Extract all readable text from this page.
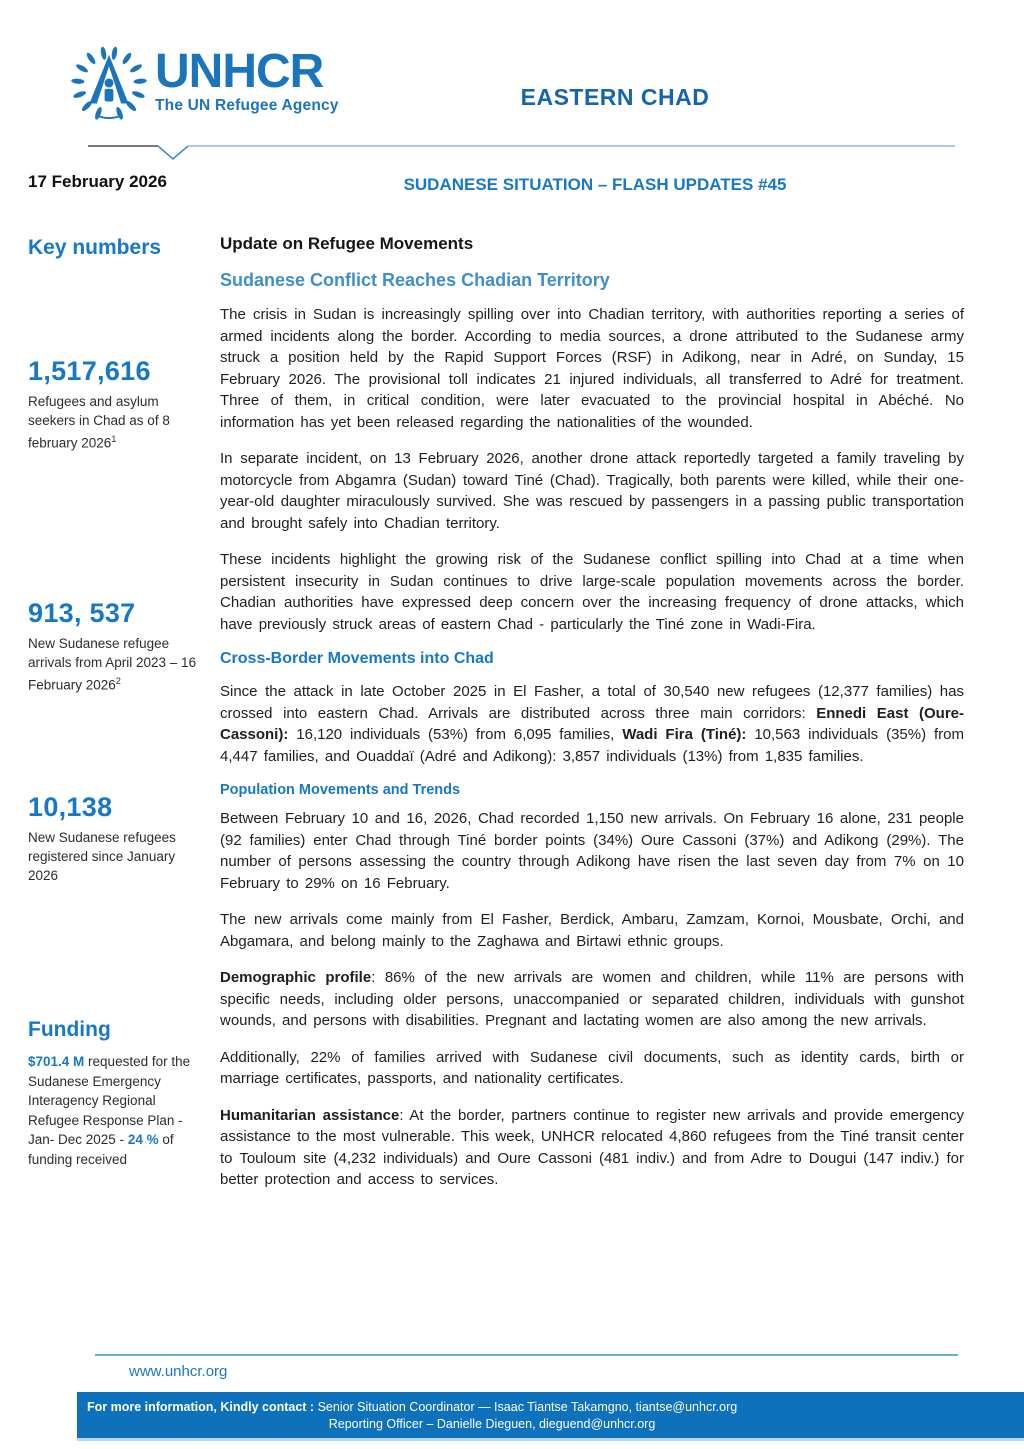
UNHCR
The UN Refugee Agency	EASTERN CHAD
17 February 2026	SUDANESE SITUATION – FLASH UPDATES #45
Key numbers
1,517,616
Refugees and asylum seekers in Chad as of 8 february 2026$^1$
913, 537
New Sudanese refugee arrivals from April 2023 – 16 February 2026$^2$
10,138
New Sudanese refugees registered since January 2026
Funding
$701.4 M requested for the Sudanese Emergency Interagency Regional Refugee Response Plan - Jan- Dec 2025 - 24 % of funding received
Update on Refugee Movements
Sudanese Conflict Reaches Chadian Territory

The crisis in Sudan is increasingly spilling over into Chadian territory, with authorities reporting a series of armed incidents along the border. According to media sources, a drone attributed to the Sudanese army struck a position held by the Rapid Support Forces (RSF) in Adikong, near in Adré, on Sunday, 15 February 2026. The provisional toll indicates 21 injured individuals, all transferred to Adré for treatment. Three of them, in critical condition, were later evacuated to the provincial hospital in Abéché. No information has yet been released regarding the nationalities of the wounded.

In separate incident, on 13 February 2026, another drone attack reportedly targeted a family traveling by motorcycle from Abgamra (Sudan) toward Tiné (Chad). Tragically, both parents were killed, while their one-year-old daughter miraculously survived. She was rescued by passengers in a passing public transportation and brought safely into Chadian territory.

These incidents highlight the growing risk of the Sudanese conflict spilling into Chad at a time when persistent insecurity in Sudan continues to drive large-scale population movements across the border. Chadian authorities have expressed deep concern over the increasing frequency of drone attacks, which have previously struck areas of eastern Chad - particularly the Tiné zone in Wadi-Fira.

Cross-Border Movements into Chad

Since the attack in late October 2025 in El Fasher, a total of 30,540 new refugees (12,377 families) has crossed into eastern Chad. Arrivals are distributed across three main corridors: Ennedi East (Oure-Cassoni): 16,120 individuals (53%) from 6,095 families, Wadi Fira (Tiné): 10,563 individuals (35%) from 4,447 families, and Ouaddaï (Adré and Adikong): 3,857 individuals (13%) from 1,835 families.

Population Movements and Trends

Between February 10 and 16, 2026, Chad recorded 1,150 new arrivals. On February 16 alone, 231 people (92 families) enter Chad through Tiné border points (34%) Oure Cassoni (37%) and Adikong (29%). The number of persons assessing the country through Adikong have risen the last seven day from 7% on 10 February to 29% on 16 February.

The new arrivals come mainly from El Fasher, Berdick, Ambaru, Zamzam, Kornoi, Mousbate, Orchi, and Abgamara, and belong mainly to the Zaghawa and Birtawi ethnic groups.

Demographic profile: 86% of the new arrivals are women and children, while 11% are persons with specific needs, including older persons, unaccompanied or separated children, individuals with gunshot wounds, and persons with disabilities. Pregnant and lactating women are also among the new arrivals.

Additionally, 22% of families arrived with Sudanese civil documents, such as identity cards, birth or marriage certificates, passports, and nationality certificates.

Humanitarian assistance: At the border, partners continue to register new arrivals and provide emergency assistance to the most vulnerable. This week, UNHCR relocated 4,860 refugees from the Tiné transit center to Touloum site (4,232 individuals) and Oure Cassoni (481 indiv.) and from Adre to Dougui (147 indiv.) for better protection and access to services.

www.unhcr.org
For more information, Kindly contact : Senior Situation Coordinator — Isaac Tiantse Takamgno, tiantse@unhcr.org
Reporting Officer – Danielle Dieguen, dieguend@unhcr.org
